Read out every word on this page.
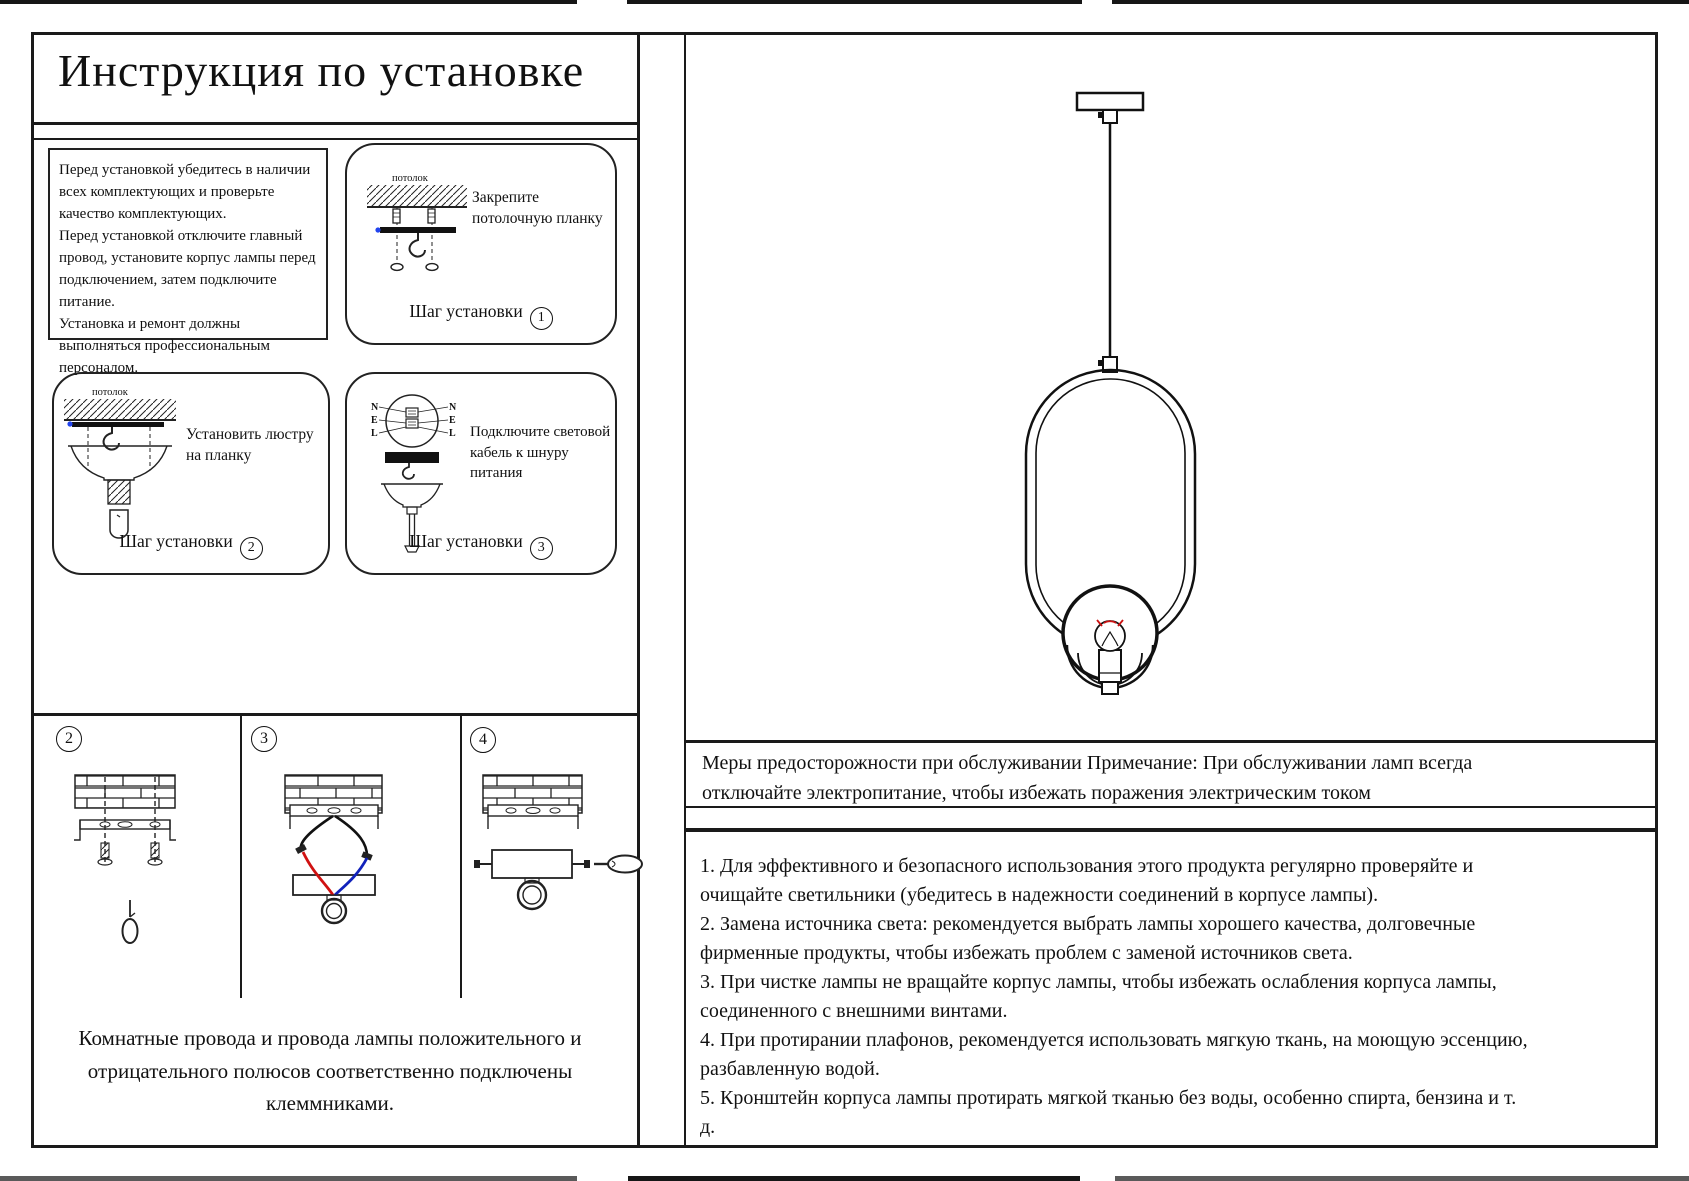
Инструкция по установке

Перед установкой убедитесь в наличии всех комплектующих и проверьте качество комплектующих.

Перед установкой отключите главный провод, установите корпус лампы перед подключением, затем подключите питание.

Установка и ремонт должны выполняться профессиональным персоналом.

потолок
Закрепите потолочную планку
Шаг установки 1
потолок
Установить люстру на планку
Шаг установки 2
N
E
L
N
E
L Подключите световой кабель к шнуру питания
Шаг установки 3
2	3	4
Комнатные провода и провода лампы положительного и отрицательного полюсов соответственно подключены клеммниками.
Меры предосторожности при обслуживании Примечание: При обслуживании ламп всегда отключайте электропитание, чтобы избежать поражения электрическим током
1. Для эффективного и безопасного использования этого продукта регулярно проверяйте и очищайте светильники (убедитесь в надежности соединений в корпусе лампы).
2. Замена источника света: рекомендуется выбрать лампы хорошего качества, долговечные фирменные продукты, чтобы избежать проблем с заменой источников света.
3. При чистке лампы не вращайте корпус лампы, чтобы избежать ослабления корпуса лампы, соединенного с внешними винтами.
4. При протирании плафонов, рекомендуется использовать мягкую ткань, на моющую эссенцию, разбавленную водой.
5. Кронштейн корпуса лампы протирать мягкой тканью без воды, особенно спирта, бензина и т. д.
